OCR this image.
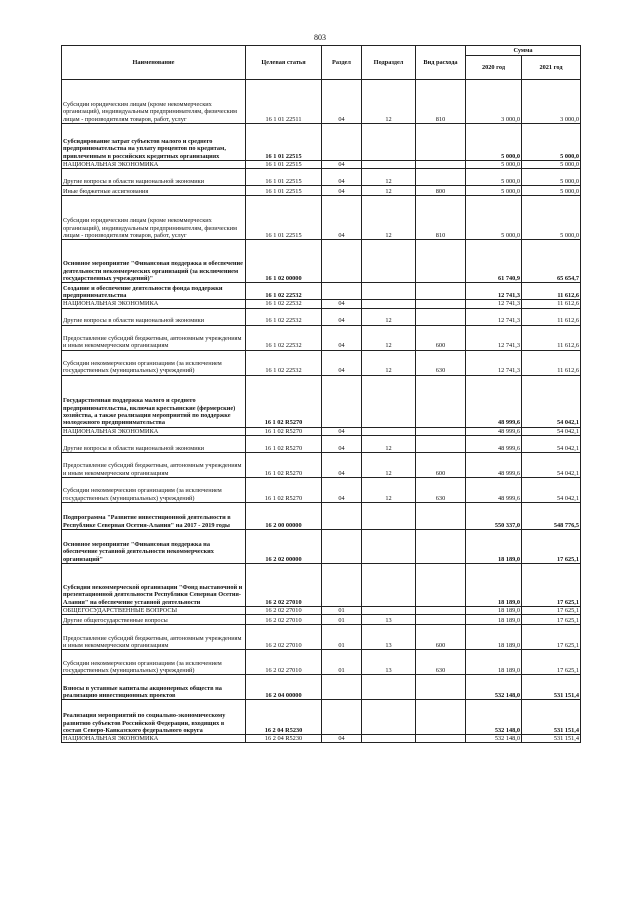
803
Наименование	Целевая статья	Раздел	Подраздел	Вид расхода	Сумма	
					2020 год	2021 год
Субсидии юридическим лицам (кроме некоммерческих организаций), индивидуальным предпринимателям, физическим лицам - производителям товаров, работ, услуг	16 1 01 22511	04	12	810	3 000,0	3 000,0
Субсидирование затрат субъектов малого и среднего предпринимательства на уплату процентов по кредитам, привлеченным в российских кредитных организациях	16 1 01 22515				5 000,0	5 000,0
НАЦИОНАЛЬНАЯ ЭКОНОМИКА	16 1 01 22515	04			5 000,0	5 000,0
Другие вопросы в области национальной экономики	16 1 01 22515	04	12		5 000,0	5 000,0
Иные бюджетные ассигнования	16 1 01 22515	04	12	800	5 000,0	5 000,0
Субсидии юридическим лицам (кроме некоммерческих организаций), индивидуальным предпринимателям, физическим лицам - производителям товаров, работ, услуг	16 1 01 22515	04	12	810	5 000,0	5 000,0
Основное мероприятие "Финансовая поддержка и обеспечение деятельности некоммерческих организаций (за исключением государственных учреждений)"	16 1 02 00000				61 740,9	65 654,7
Создание и обеспечение деятельности фонда поддержки предпринимательства	16 1 02 22532				12 741,3	11 612,6
НАЦИОНАЛЬНАЯ ЭКОНОМИКА	16 1 02 22532	04			12 741,3	11 612,6
Другие вопросы в области национальной экономики	16 1 02 22532	04	12		12 741,3	11 612,6
Предоставление субсидий бюджетным, автономным учреждениям и иным некоммерческим организациям	16 1 02 22532	04	12	600	12 741,3	11 612,6
Субсидии некоммерческим организациям (за исключением государственных (муниципальных) учреждений)	16 1 02 22532	04	12	630	12 741,3	11 612,6
Государственная поддержка малого и среднего предпринимательства, включая крестьянские (фермерские) хозяйства, а также реализация мероприятий по поддержке молодежного предпринимательства	16 1 02 R5270				48 999,6	54 042,1
НАЦИОНАЛЬНАЯ ЭКОНОМИКА	16 1 02 R5270	04			48 999,6	54 042,1
Другие вопросы в области национальной экономики	16 1 02 R5270	04	12		48 999,6	54 042,1
Предоставление субсидий бюджетным, автономным учреждениям и иным некоммерческим организациям	16 1 02 R5270	04	12	600	48 999,6	54 042,1
Субсидии некоммерческим организациям (за исключением государственных (муниципальных) учреждений)	16 1 02 R5270	04	12	630	48 999,6	54 042,1
Подпрограмма "Развитие инвестиционной деятельности в Республике Северная Осетия-Алания" на 2017 - 2019 годы	16 2 00 00000				550 337,0	548 776,5
Основное мероприятие "Финансовая поддержка на обеспечение уставной деятельности некоммерческих организаций"	16 2 02 00000				18 189,0	17 625,1
Субсидии некоммерческой организации "Фонд выставочной и презентационной деятельности Республики Северная Осетия-Алания" на обеспечение уставной деятельности	16 2 02 27010				18 189,0	17 625,1
ОБЩЕГОСУДАРСТВЕННЫЕ ВОПРОСЫ	16 2 02 27010	01			18 189,0	17 625,1
Другие общегосударственные вопросы	16 2 02 27010	01	13		18 189,0	17 625,1
Предоставление субсидий бюджетным, автономным учреждениям и иным некоммерческим организациям	16 2 02 27010	01	13	600	18 189,0	17 625,1
Субсидии некоммерческим организациям (за исключением государственных (муниципальных) учреждений)	16 2 02 27010	01	13	630	18 189,0	17 625,1
Взносы в уставные капиталы акционерных обществ на реализацию инвестиционных проектов	16 2 04 00000				532 148,0	531 151,4
Реализация мероприятий по социально-экономическому развитию субъектов Российской Федерации, входящих в состав Северо-Кавказского федерального округа	16 2 04 R5230				532 148,0	531 151,4
НАЦИОНАЛЬНАЯ ЭКОНОМИКА	16 2 04 R5230	04			532 148,0	531 151,4
